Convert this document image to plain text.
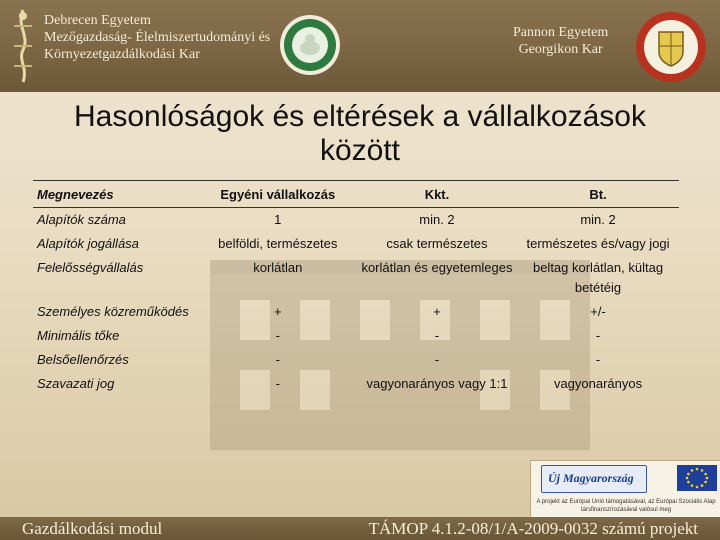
Debrecen Egyetem
Mezőgazdaság- Élelmiszertudományi és
Környezetgazdálkodási Kar
Pannon Egyetem
Georgikon Kar
Hasonlóságok és eltérések a vállalkozások
között
Megnevezés	Egyéni vállalkozás	Kkt.	Bt.
Alapítók száma	1	min. 2	min. 2
Alapítók jogállása	belföldi, természetes	csak természetes	természetes és/vagy jogi
Felelősségvállalás	korlátlan	korlátlan és egyetemleges	beltag korlátlan, kültag betétéig
Személyes közreműködés	+	+	+/-
Minimális tőke	-	-	-
Belsőellenőrzés	-	-	-
Szavazati jog	-	vagyonarányos vagy 1:1	vagyonarányos
Új Magyarország
A projekt az Európai Unió támogatásával, az Európai Szociális Alap társfinanszírozásával valósul meg
Gazdálkodási modul	TÁMOP 4.1.2-08/1/A-2009-0032 számú projekt
